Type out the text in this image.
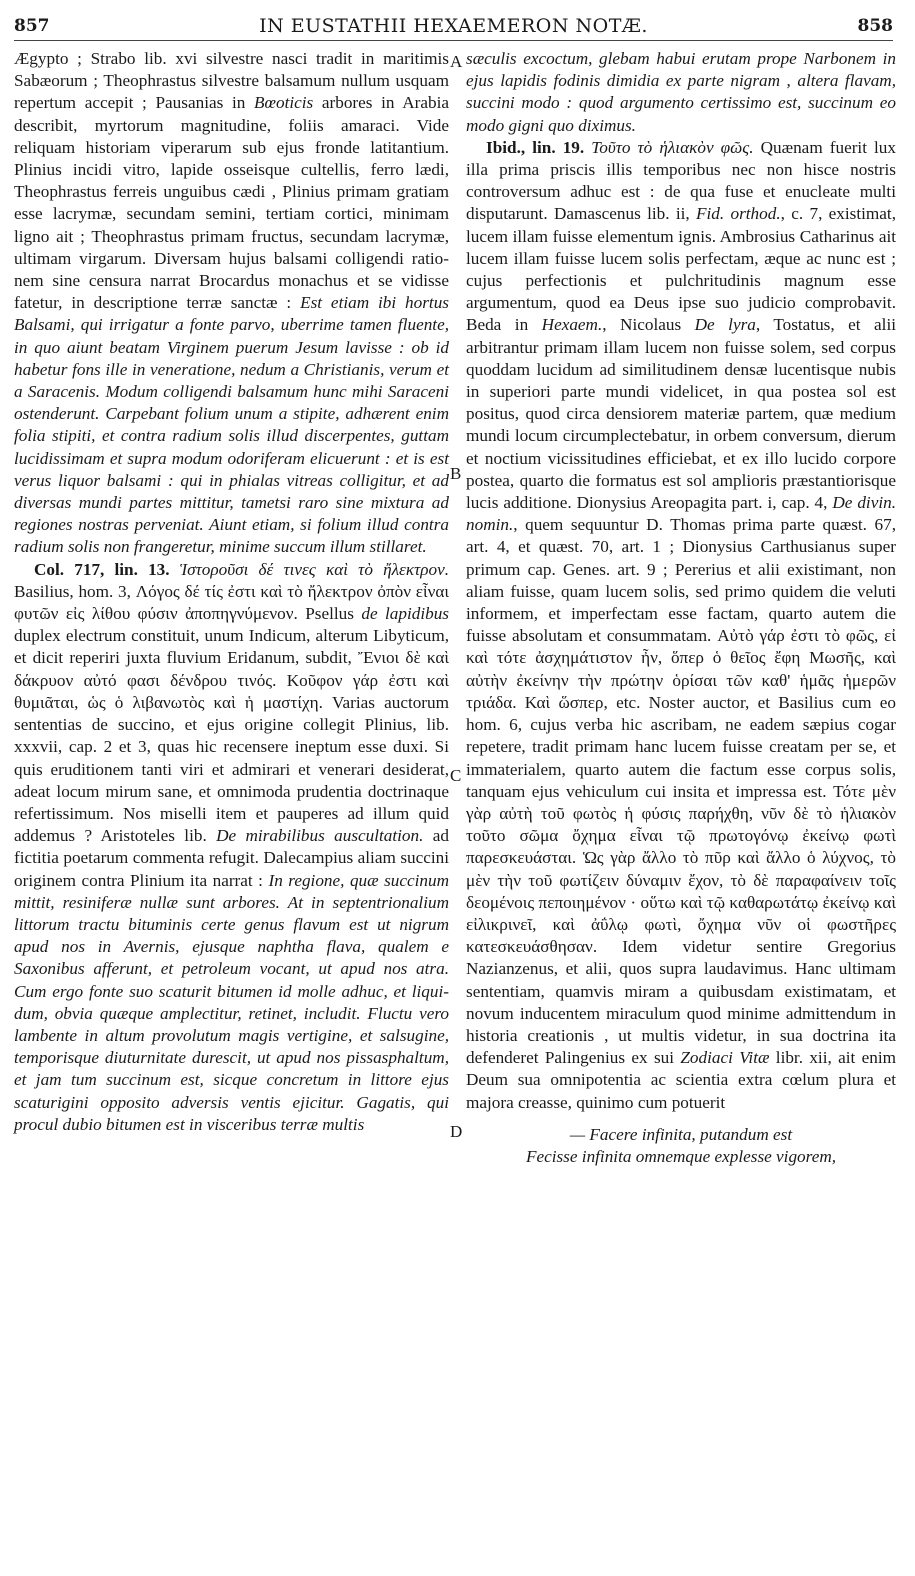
857	IN EUSTATHII HEXAEMERON NOTÆ.	858
A
B
C
D

Ægypto ; Strabo lib. xvi silvestre nasci tradit in maritimis Sabæorum ; Theophrastus silvestre balsamum nullum usquam repertum accepit ; Pausanias in Bœoticis arbores in Arabia describit, myrtorum magnitudine, foliis amaraci. Vide reliquam historiam viperarum sub ejus fronde latitantium. Plinius incidi vitro, lapide osseisque cultellis, ferro lædi, Theophrastus ferreis unguibus cædi , Plinius primam gratiam esse lacrymæ, secundam semini, tertiam cortici, minimam ligno ait ; Theophrastus primam fructus, secundam lacrymæ, ultimam virgarum. Diversam hujus balsami colligendi rationem sine censura narrat Brocardus monachus et se vidisse fatetur, in descriptione terræ sanctæ : Est etiam ibi hortus Balsami, qui irrigatur a fonte parvo, uberrime tamen fluente, in quo aiunt beatam Virginem puerum Jesum lavisse : ob id habetur fons ille in veneratione, nedum a Christianis, verum et a Saracenis. Modum colligendi balsamum hunc mihi Saraceni ostenderunt. Carpebant folium unum a stipite, adhærent enim folia stipiti, et contra radium solis illud discerpentes, guttam lucidissimam et supra modum odoriferam elicuerunt : et is est verus liquor balsami : qui in phialas vitreas colligitur, et ad diversas mundi partes mittitur, tametsi raro sine mixtura ad regiones nostras perveniat. Aiunt etiam, si folium illud contra radium solis non frangeretur, minime succum illum stillaret.

Col. 717, lin. 13. Ἱστοροῦσι δέ τινες καὶ τὸ ἤλεκτρον. Basilius, hom. 3, Λόγος δέ τίς ἐστι καὶ τὸ ἤλεκτρον ὀπὸν εἶναι φυτῶν εἰς λίθου φύσιν ἀποπηγνύμενον. Psellus de lapidibus duplex electrum constituit, unum Indicum, alterum Libyticum, et dicit reperiri juxta fluvium Eridanum, subdit, Ἔνιοι δὲ καὶ δάκρυον αὐτό φασι δένδρου τινός. Κοῦφον γάρ ἐστι καὶ θυμιᾶται, ὡς ὁ λιβανωτὸς καὶ ἡ μαστίχη. Varias auctorum sententias de succino, et ejus origine collegit Plinius, lib. xxxvii, cap. 2 et 3, quas hic recensere ineptum esse duxi. Si quis eruditionem tanti viri et admirari et venerari desiderat, adeat locum mirum sane, et omnimoda prudentia doctrinaque refertissimum. Nos miselli item et pauperes ad illum quid addemus ? Aristoteles lib. De mirabilibus auscultation. ad fictitia poetarum commenta refugit. Dalecampius aliam succini originem contra Plinium ita narrat : In regione, quæ succinum mittit, resiniferæ nullæ sunt arbores. At in septentrionalium littorum tractu bituminis certe genus flavum est ut nigrum apud nos in Avernis, ejusque naphtha flava, qualem e Saxonibus afferunt, et petroleum vocant, ut apud nos atra. Cum ergo fonte suo scaturit bitumen id molle adhuc, et liquidum, obvia quæque amplectitur, retinet, includit. Fluctu vero lambente in altum provolutum magis vertigine, et salsugine, temporisque diuturnitate durescit, ut apud nos pissasphaltum, et jam tum succinum est, sicque concretum in littore ejus scaturigini opposito adversis ventis ejicitur. Gagatis, qui procul dubio bitumen est in visceribus terræ multis

sæculis excoctum, glebam habui erutam prope Narbonem in ejus lapidis fodinis dimidia ex parte nigram , altera flavam, succini modo : quod argumento certissimo est, succinum eo modo gigni quo diximus.

Ibid., lin. 19. Τοῦτο τὸ ἡλιακὸν φῶς. Quænam fuerit lux illa prima priscis illis temporibus nec non hisce nostris controversum adhuc est : de qua fuse et enucleate multi disputarunt. Damascenus lib. ii, Fid. orthod., c. 7, existimat, lucem illam fuisse elementum ignis. Ambrosius Catharinus ait lucem illam fuisse lucem solis perfectam, æque ac nunc est ; cujus perfectionis et pulchritudinis magnum esse argumentum, quod ea Deus ipse suo judicio comprobavit. Beda in Hexaem., Nicolaus De lyra, Tostatus, et alii arbitrantur primam illam lucem non fuisse solem, sed corpus quoddam lucidum ad similitudinem densæ lucentisque nubis in superiori parte mundi videlicet, in qua postea sol est positus, quod circa densiorem materiæ partem, quæ medium mundi locum circumplectebatur, in orbem conversum, dierum et noctium vicissitudines efficiebat, et ex illo lucido corpore postea, quarto die formatus est sol amplioris præstantiorisque lucis additione. Dionysius Areopagita part. i, cap. 4, De divin. nomin., quem sequuntur D. Thomas prima parte quæst. 67, art. 4, et quæst. 70, art. 1 ; Dionysius Carthusianus super primum cap. Genes. art. 9 ; Pererius et alii existimant, non aliam fuisse, quam lucem solis, sed primo quidem die veluti informem, et imperfectam esse factam, quarto autem die fuisse absolutam et consummatam. Αὐτὸ γάρ ἐστι τὸ φῶς, εἰ καὶ τότε ἀσχημάτιστον ἦν, ὅπερ ὁ θεῖος ἔφη Μωσῆς, καὶ αὐτὴν ἐκείνην τὴν πρώτην ὁρίσαι τῶν καθ' ἡμᾶς ἡμερῶν τριάδα. Καὶ ὥσπερ, etc. Noster auctor, et Basilius cum eo hom. 6, cujus verba hic ascribam, ne eadem sæpius cogar repetere, tradit primam hanc lucem fuisse creatam per se, et immaterialem, quarto autem die factum esse corpus solis, tanquam ejus vehiculum cui insita et impressa est. Τότε μὲν γὰρ αὐτὴ τοῦ φωτὸς ἡ φύσις παρήχθη, νῦν δὲ τὸ ἡλιακὸν τοῦτο σῶμα ὄχημα εἶναι τῷ πρωτογόνῳ ἐκείνῳ φωτὶ παρεσκευάσται. Ὡς γὰρ ἄλλο τὸ πῦρ καὶ ἄλλο ὁ λύχνος, τὸ μὲν τὴν τοῦ φωτίζειν δύναμιν ἔχον, τὸ δὲ παραφαίνειν τοῖς δεομένοις πεποιημένον · οὕτω καὶ τῷ καθαρωτάτῳ ἐκείνῳ καὶ εἰλικρινεῖ, καὶ ἀΰλῳ φωτὶ, ὄχημα νῦν οἱ φωστῆρες κατεσκευάσθησαν. Idem videtur sentire Gregorius Nazianzenus, et alii, quos supra laudavimus. Hanc ultimam sententiam, quamvis miram a quibusdam existimatam, et novum inducentem miraculum quod minime admittendum in historia creationis , ut multis videtur, in sua doctrina ita defenderet Palingenius ex sui Zodiaci Vitæ libr. xii, ait enim Deum sua omnipotentia ac scientia extra cœlum plura et majora creasse, quinimo cum potuerit

— Facere infinita, putandum est

Fecisse infinita omnemque explesse vigorem,
